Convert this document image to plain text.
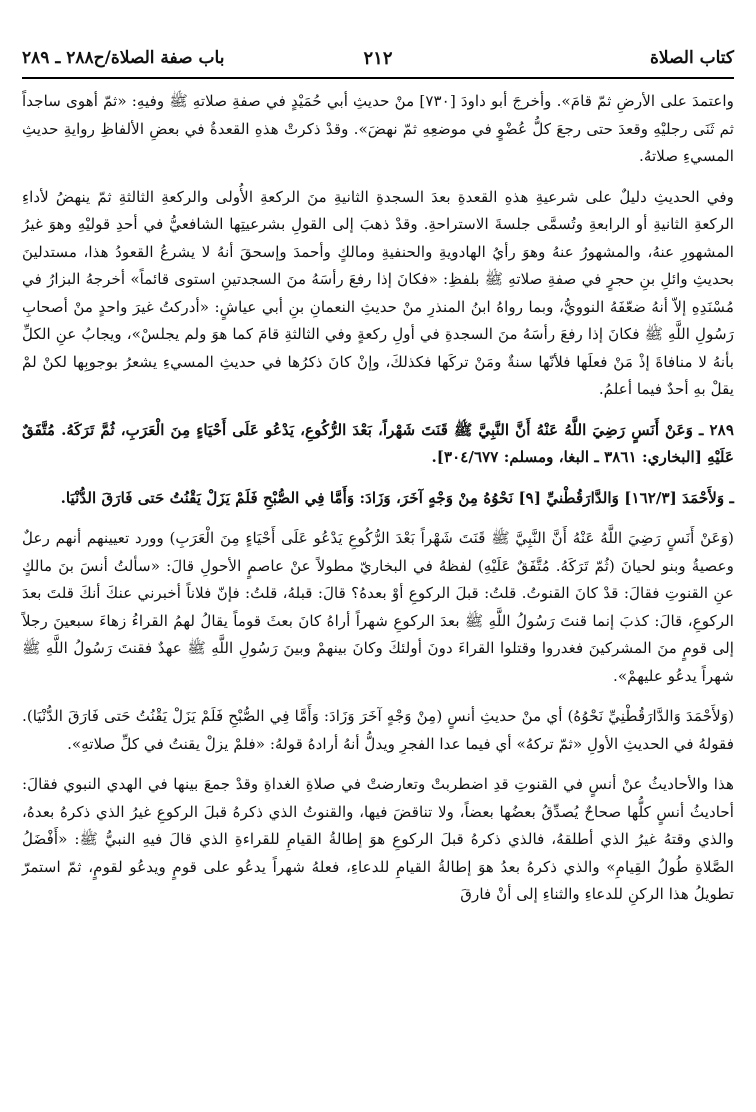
كتاب الصلاة
٢١٢
باب صفة الصلاة/ح٢٨٨ ـ ٢٨٩

واعتمدَ على الأرضِ ثمّ قامَ». وأخرجَ أبو داودَ [٧٣٠] منْ حديثِ أبي حُمَيْدٍ في صفةِ صلاتهِ ﷺ وفيهِ: «ثمّ أهوى ساجداً ثم ثَنَى رجليْهِ وقعدَ حتى رجعَ كلُّ عُضْوٍ في موضعِهِ ثمّ نهضَ». وقدْ ذكرتْ هذهِ القعدةُ في بعضِ الألفاظِ روايةِ حديثِ المسيءِ صلاتهُ.

وفي الحديثِ دليلٌ على شرعيةِ هذهِ القعدةِ بعدَ السجدةِ الثانيةِ منَ الركعةِ الأُولى والركعةِ الثالثةِ ثمّ ينهضُ لأداءِ الركعةِ الثانيةِ أو الرابعةِ وتُسمَّى جلسةَ الاستراحةِ. وقدْ ذهبَ إلى القولِ بشرعيتِها الشافعيُّ في أحدِ قوليْهِ وهوَ غيرُ المشهورِ عنهُ، والمشهورُ عنهُ وهوَ رأيُ الهادويةِ والحنفيةِ ومالكٍ وأحمدَ وإسحقَ أنهُ لا يشرعُ القعودُ هذا، مستدلينَ بحديثِ وائلِ بنِ حجرٍ في صفةِ صلاتهِ ﷺ بلفظِ: «فكانَ إذا رفعَ رأسَهُ منَ السجدتينِ استوى قائماً» أخرجهُ البزارُ في مُسْنَدِهِ إلاّ أنهُ ضعّفَهُ النوويُّ، وبما رواهُ ابنُ المنذرِ منْ حديثِ النعمانِ بنِ أبي عياشٍ: «أدركتُ غيرَ واحدٍ منْ أصحابِ رَسُولِ اللَّهِ ﷺ فكانَ إذا رفعَ رأسَهُ منَ السجدةِ في أولِ ركعةٍ وفي الثالثةِ قامَ كما هوَ ولم يجلسْ»، ويجابُ عنِ الكلِّ بأنهُ لا منافاةَ إذْ مَنْ فعلَها فلأنّها سنةٌ ومَنْ تركَها فكذلكَ، وإنْ كانَ ذكرُها في حديثِ المسيءِ يشعرُ بوجوبِها لكنْ لمْ يقلْ بهِ أحدٌ فيما أعلمُ.

٢٨٩ ـ وَعَنْ أَنَسٍ رَضِيَ اللَّهُ عَنْهُ أَنَّ النَّبِيَّ ﷺ قَنَتَ شَهْراً، بَعْدَ الرُّكُوعِ، يَدْعُو عَلَى أَحْيَاءٍ مِنَ الْعَرَبِ، ثُمَّ تَرَكَهُ. مُتَّفَقٌ عَلَيْهِ [البخاري: ٣٨٦١ ـ البغا، ومسلم: ٣٠٤/٦٧٧].

ـ وَلأَحْمَدَ [١٦٢/٣] وَالدَّارَقُطْنيِّ [٩] نَحْوُهُ مِنْ وَجْهٍ آخَرَ، وَزَادَ: وَأَمَّا فِي الصُّبْحِ فَلَمْ يَزَلْ يَقْنُتُ حَتى فَارَقَ الدُّنْيَا.

(وَعَنْ أَنَسٍ رَضِيَ اللَّهُ عَنْهُ أَنَّ النَّبِيَّ ﷺ قَنَتَ شَهْراً بَعْدَ الرُّكُوعِ يَدْعُو عَلَى أَحْيَاءٍ مِنَ الْعَرَبِ) وورد تعيينهم أنهم رعلٌ وعصيةُ وبنو لحيانَ (ثُمّ تَرَكَهُ. مُتَّفَقٌ عَلَيْهِ) لفظهُ في البخاريّ مطولاً عنْ عاصمٍ الأحولِ قالَ: «سألتُ أنسَ بنَ مالكٍ عنِ القنوتِ فقالَ: قدْ كانَ القنوتُ. قلتُ: قبلَ الركوعِ أوْ بعدهُ؟ قالَ: قبلهُ، قلتُ: فإنّ فلاناً أخبرني عنكَ أنكَ قلتَ بعدَ الركوعِ، قالَ: كذبَ إنما قنتَ رَسُولُ اللَّهِ ﷺ بعدَ الركوعِ شهراً أراهُ كانَ بعثَ قوماً يقالُ لهمُ القراءُ زهاءَ سبعينَ رجلاً إلى قومٍ منَ المشركينَ فغدروا وقتلوا القراءَ دونَ أولئكَ وكانَ بينهمْ وبينَ رَسُولِ اللَّهِ ﷺ عهدٌ فقنتَ رَسُولُ اللَّهِ ﷺ شهراً يدعُو عليهمْ».

(وَلأَحْمَدَ وَالدَّارَقُطْنِيِّ نَحْوُهُ) أي منْ حديثِ أنسٍ (مِنْ وَجْهٍ آخَرَ وَزَادَ: وَأَمَّا فِي الصُّبْحِ فَلَمْ يَزَلْ يَقْنُتُ حَتى فَارَقَ الدُّنْيَا). فقولهُ في الحديثِ الأولِ «ثمّ تركهُ» أي فيما عدا الفجرِ ويدلُّ أنهُ أرادهُ قولهُ: «فلمْ يزلْ يقنتُ في كلِّ صلاتهِ».

هذا والأحاديثُ عنْ أنسٍ في القنوتِ قدِ اضطربتْ وتعارضتْ في صلاةِ الغداةِ وقدْ جمعَ بينها في الهدي النبوي فقالَ: أحاديثُ أنسٍ كلُّها صحاحٌ يُصدِّقُ بعضُها بعضاً، ولا تناقضَ فيها، والقنوتُ الذي ذكرهُ قبلَ الركوعِ غيرُ الذي ذكرهُ بعدهُ، والذي وقتهُ غيرُ الذي أطلقهُ، فالذي ذكرهُ قبلَ الركوعِ هوَ إطالةُ القيامِ للقراءةِ الذي قالَ فيهِ النبيُّ ﷺ: «أَفْضَلُ الصَّلاةِ طُولُ القِيامِ» والذي ذكرهُ بعدُ هوَ إطالةُ القيامِ للدعاءِ، فعلهُ شهراً يدعُو على قومٍ ويدعُو لقومٍ، ثمّ استمرّ تطويلُ هذا الركنِ للدعاءِ والثناءِ إلى أنْ فارقَ
